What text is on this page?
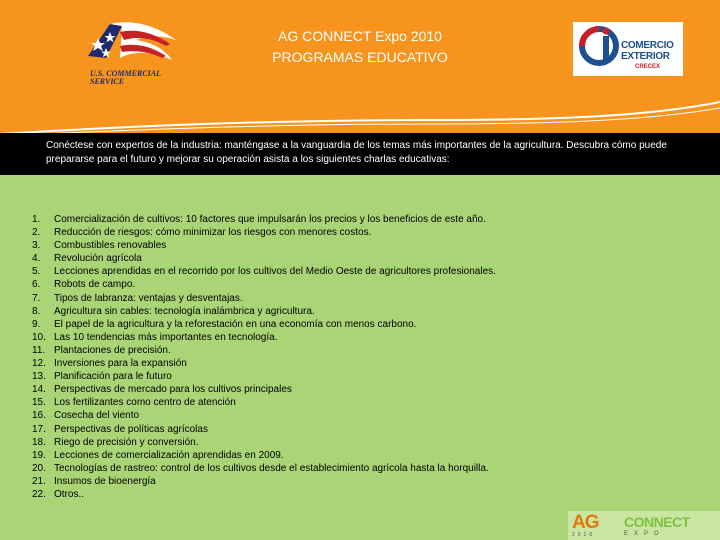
U.S. COMMERCIAL SERVICE
AG CONNECT Expo 2010
PROGRAMAS EDUCATIVO
COMERCIO
EXTERIOR
CRECEX
Conéctese con expertos de la industria: manténgase a la vanguardia de los temas más importantes de la agricultura. Descubra cómo puede prepararse para el futuro y mejorar su operación asista a los siguientes charlas educativas:
1.	Comercialización de cultivos: 10 factores que impulsarán los precios y los beneficios de este año.
2.	Reducción de riesgos: cómo minimizar los riesgos con menores costos.
3.	Combustibles renovables
4.	Revolución agrícola
5.	Lecciones aprendidas en el recorrido por los cultivos del Medio Oeste de agricultores profesionales.
6.	Robots de campo.
7.	Tipos de labranza: ventajas y desventajas.
8.	Agricultura sin cables: tecnología inalámbrica y agricultura.
9.	El papel de la agricultura y la reforestación en una economía con menos carbono.
10. Las 10 tendencias más importantes en tecnología.
11. Plantaciones de precisión.
12. Inversiones para la expansión
13. Planificación para le futuro
14. Perspectivas de mercado para los cultivos principales
15. Los fertilizantes como centro de atención
16. Cosecha del viento
17. Perspectivas de políticas agrícolas
18. Riego de precisión y conversión.
19. Lecciones de comercialización aprendidas en 2009.
20. Tecnologías de rastreo: control de los cultivos desde el establecimiento agrícola hasta la horquilla.
21. Insumos de bioenergía
22. Otros..
AG
2010
CONNECT
EXPO
